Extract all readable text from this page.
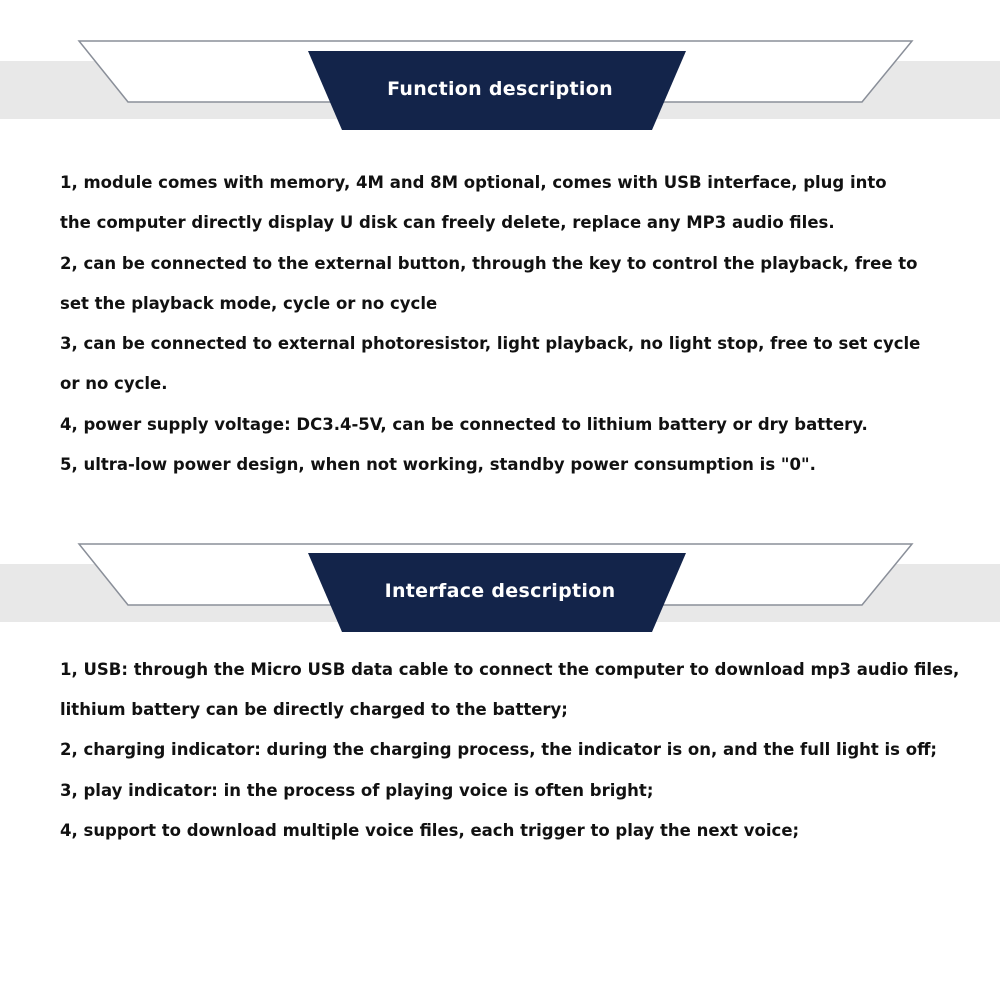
Function description
1, module comes with memory, 4M and 8M optional, comes with USB interface, plug into
the computer directly display U disk can freely delete, replace any MP3 audio files.
2, can be connected to the external button, through the key to control the playback, free to
set the playback mode, cycle or no cycle
3, can be connected to external photoresistor, light playback, no light stop, free to set cycle
or no cycle.
4, power supply voltage: DC3.4-5V, can be connected to lithium battery or dry battery.
5, ultra-low power design, when not working, standby power consumption is "0".
Interface description
1, USB: through the Micro USB data cable to connect the computer to download mp3 audio files,
lithium battery can be directly charged to the battery;
2, charging indicator: during the charging process, the indicator is on, and the full light is off;
3, play indicator: in the process of playing voice is often bright;
4, support to download multiple voice files, each trigger to play the next voice;
